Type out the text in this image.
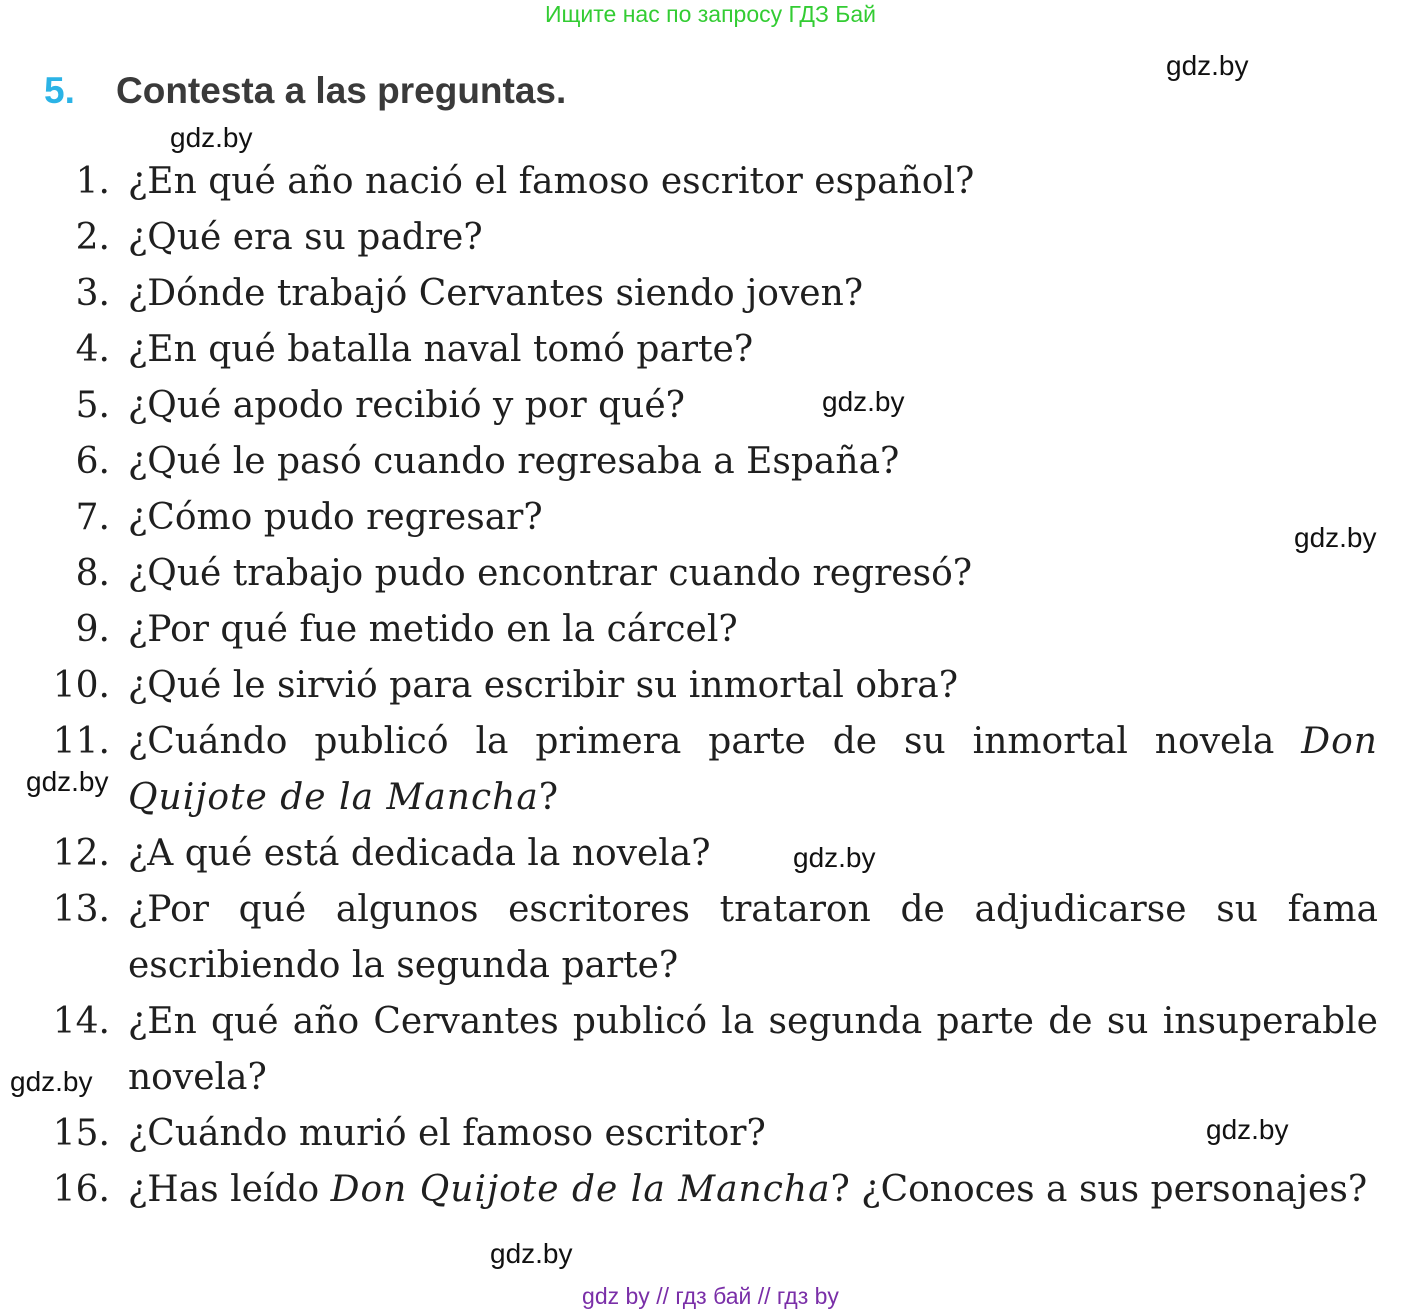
Ищите нас по запросу ГДЗ Бай
5.	Contesta a las preguntas.
1. ¿En qué año nació el famoso escritor español?
2. ¿Qué era su padre?
3. ¿Dónde trabajó Cervantes siendo joven?
4. ¿En qué batalla naval tomó parte?
5. ¿Qué apodo recibió y por qué?
6. ¿Qué le pasó cuando regresaba a España?
7. ¿Cómo pudo regresar?
8. ¿Qué trabajo pudo encontrar cuando regresó?
9. ¿Por qué fue metido en la cárcel?
10. ¿Qué le sirvió para escribir su inmortal obra?
11. ¿Cuándo publicó la primera parte de su inmortal novela Don Quijote de la Mancha?
12. ¿A qué está dedicada la novela?
13. ¿Por qué algunos escritores trataron de adjudicarse su fama escribiendo la segunda parte?
14. ¿En qué año Cervantes publicó la segunda parte de su insuperable novela?
15. ¿Cuándo murió el famoso escritor?
16. ¿Has leído Don Quijote de la Mancha? ¿Conoces a sus personajes?
gdz.by
gdz.by
gdz.by
gdz.by
gdz.by
gdz.by
gdz.by
gdz.by
gdz.by
gdz by // гдз бай // гдз by
